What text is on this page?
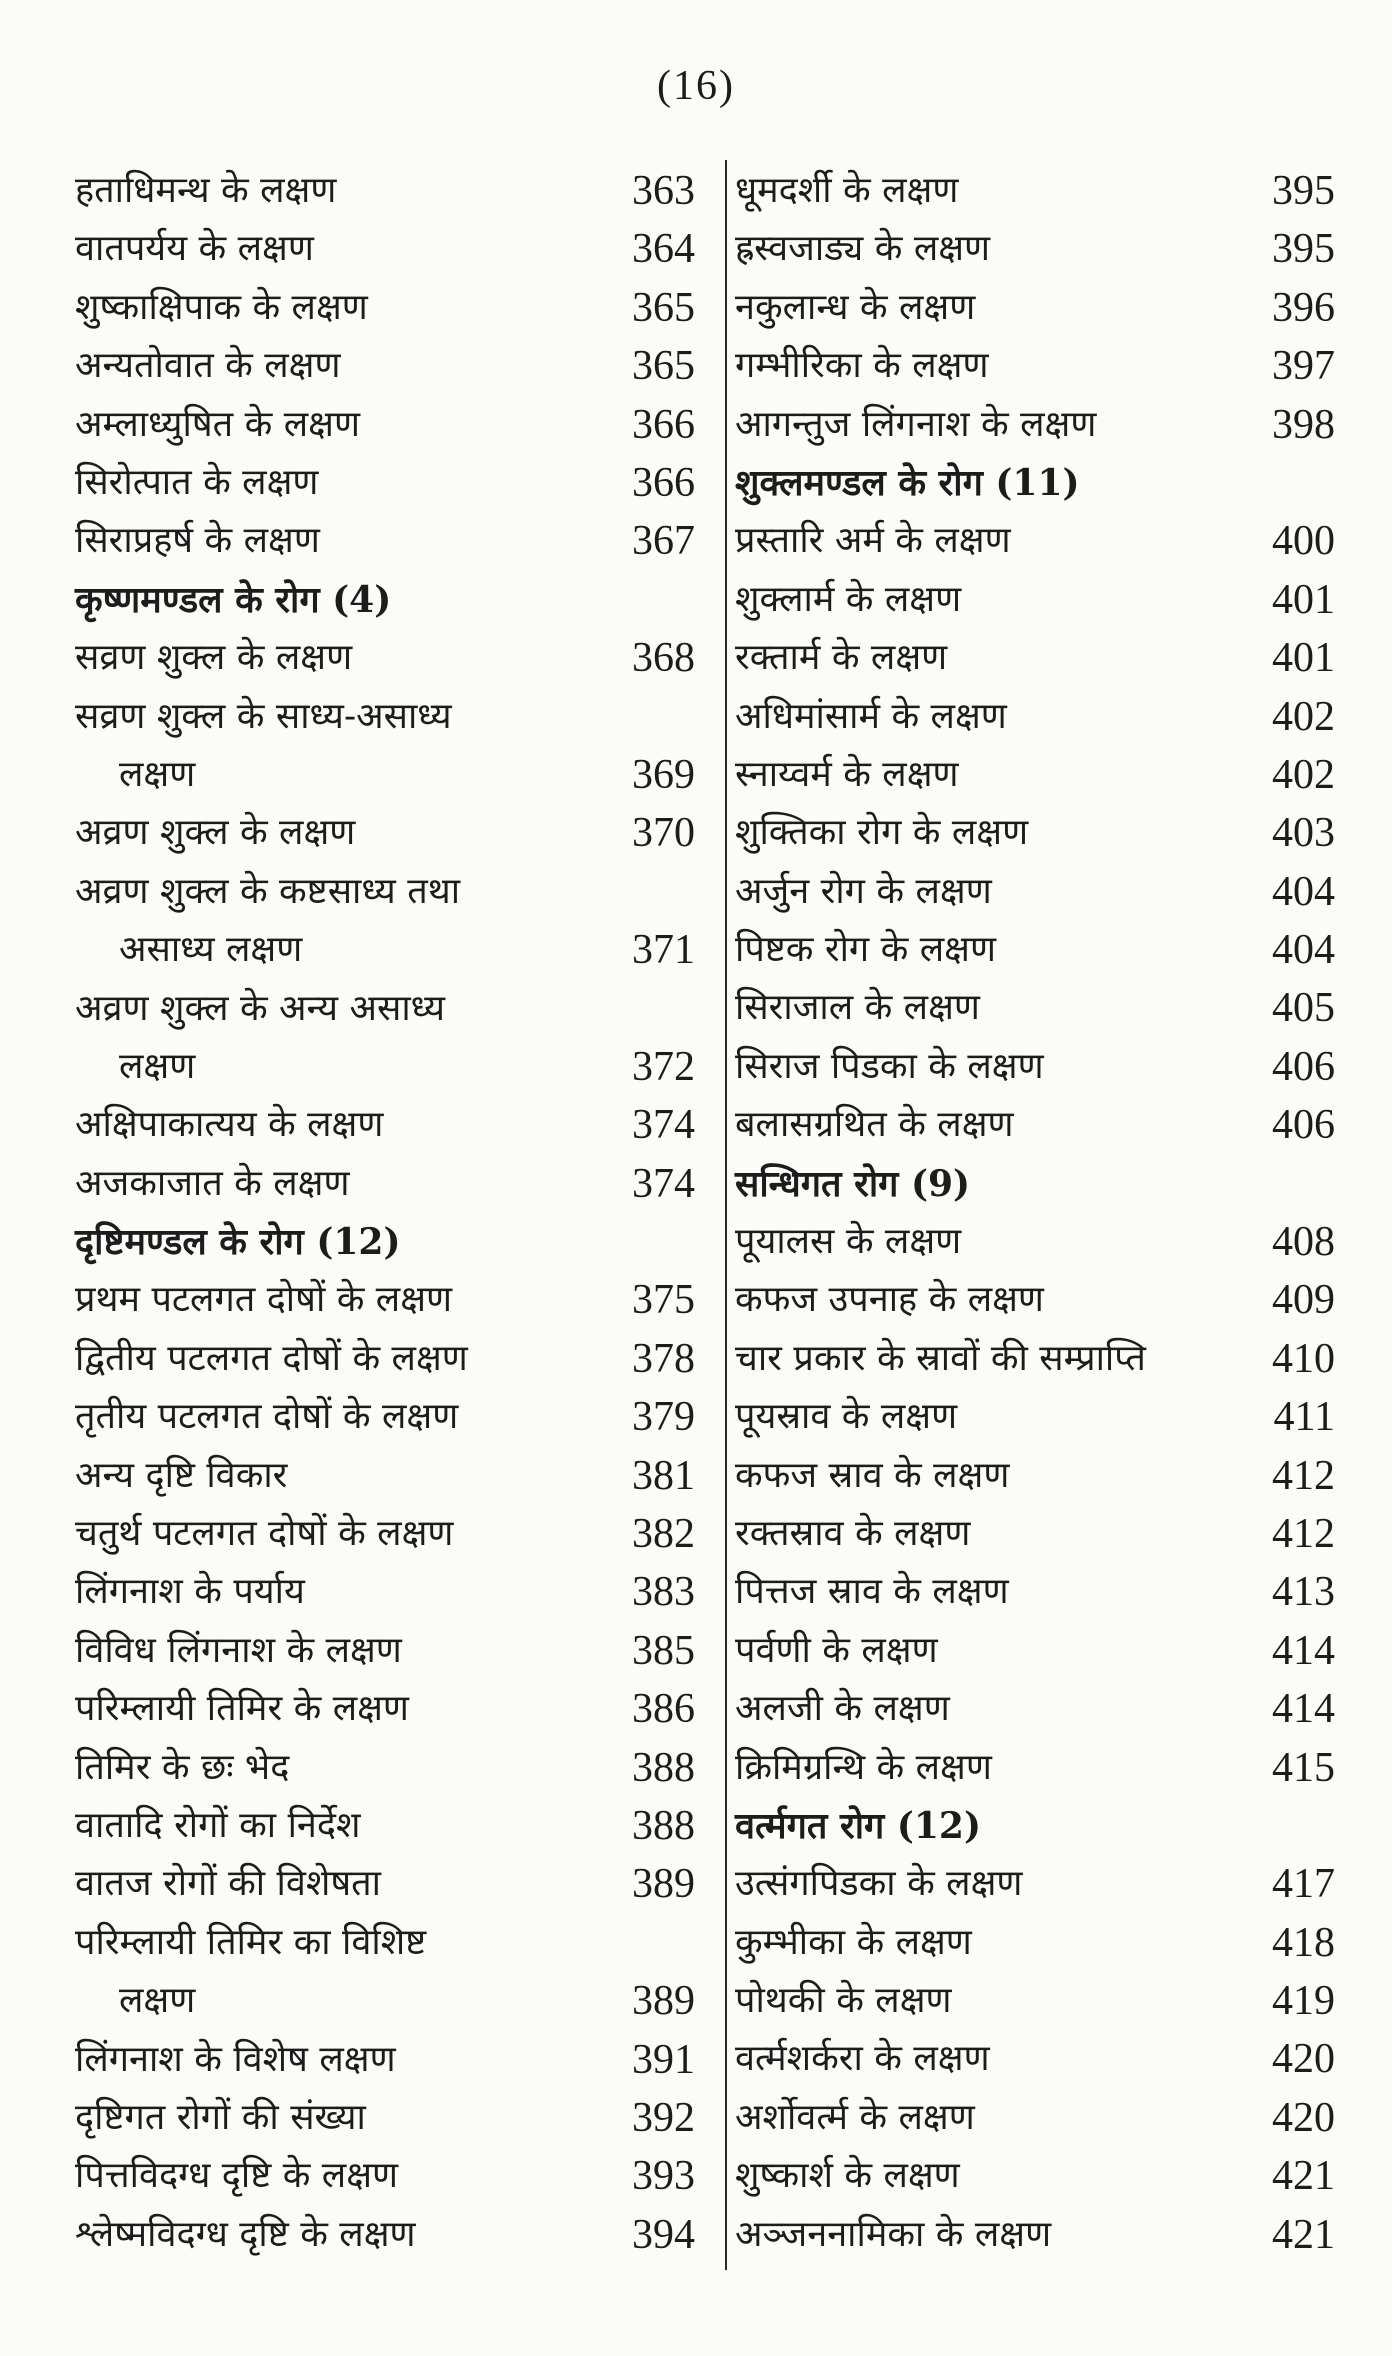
(16)
हताधिमन्थ के लक्षण	363
वातपर्यय के लक्षण	364
शुष्काक्षिपाक के लक्षण	365
अन्यतोवात के लक्षण	365
अम्लाध्युषित के लक्षण	366
सिरोत्पात के लक्षण	366
सिराप्रहर्ष के लक्षण	367
कृष्णमण्डल के रोग (4)
सव्रण शुक्ल के लक्षण	368
सव्रण शुक्ल के साध्य-असाध्य
लक्षण	369
अव्रण शुक्ल के लक्षण	370
अव्रण शुक्ल के कष्टसाध्य तथा
असाध्य लक्षण	371
अव्रण शुक्ल के अन्य असाध्य
लक्षण	372
अक्षिपाकात्यय के लक्षण	374
अजकाजात के लक्षण	374
दृष्टिमण्डल के रोग (12)
प्रथम पटलगत दोषों के लक्षण	375
द्वितीय पटलगत दोषों के लक्षण	378
तृतीय पटलगत दोषों के लक्षण	379
अन्य दृष्टि विकार	381
चतुर्थ पटलगत दोषों के लक्षण	382
लिंगनाश के पर्याय	383
विविध लिंगनाश के लक्षण	385
परिम्लायी तिमिर के लक्षण	386
तिमिर के छः भेद	388
वातादि रोगों का निर्देश	388
वातज रोगों की विशेषता	389
परिम्लायी तिमिर का विशिष्ट
लक्षण	389
लिंगनाश के विशेष लक्षण	391
दृष्टिगत रोगों की संख्या	392
पित्तविदग्ध दृष्टि के लक्षण	393
श्लेष्मविदग्ध दृष्टि के लक्षण	394
धूमदर्शी के लक्षण	395
ह्रस्वजाड्य के लक्षण	395
नकुलान्ध के लक्षण	396
गम्भीरिका के लक्षण	397
आगन्तुज लिंगनाश के लक्षण	398
शुक्लमण्डल के रोग (11)
प्रस्तारि अर्म के लक्षण	400
शुक्लार्म के लक्षण	401
रक्तार्म के लक्षण	401
अधिमांसार्म के लक्षण	402
स्नाय्वर्म के लक्षण	402
शुक्तिका रोग के लक्षण	403
अर्जुन रोग के लक्षण	404
पिष्टक रोग के लक्षण	404
सिराजाल के लक्षण	405
सिराज पिडका के लक्षण	406
बलासग्रथित के लक्षण	406
सन्धिगत रोग (9)
पूयालस के लक्षण	408
कफज उपनाह के लक्षण	409
चार प्रकार के स्रावों की सम्प्राप्ति	410
पूयस्राव के लक्षण	411
कफज स्राव के लक्षण	412
रक्तस्राव के लक्षण	412
पित्तज स्राव के लक्षण	413
पर्वणी के लक्षण	414
अलजी के लक्षण	414
क्रिमिग्रन्थि के लक्षण	415
वर्त्मगत रोग (12)
उत्संगपिडका के लक्षण	417
कुम्भीका के लक्षण	418
पोथकी के लक्षण	419
वर्त्मशर्करा के लक्षण	420
अर्शोवर्त्म के लक्षण	420
शुष्कार्श के लक्षण	421
अञ्जननामिका के लक्षण	421
